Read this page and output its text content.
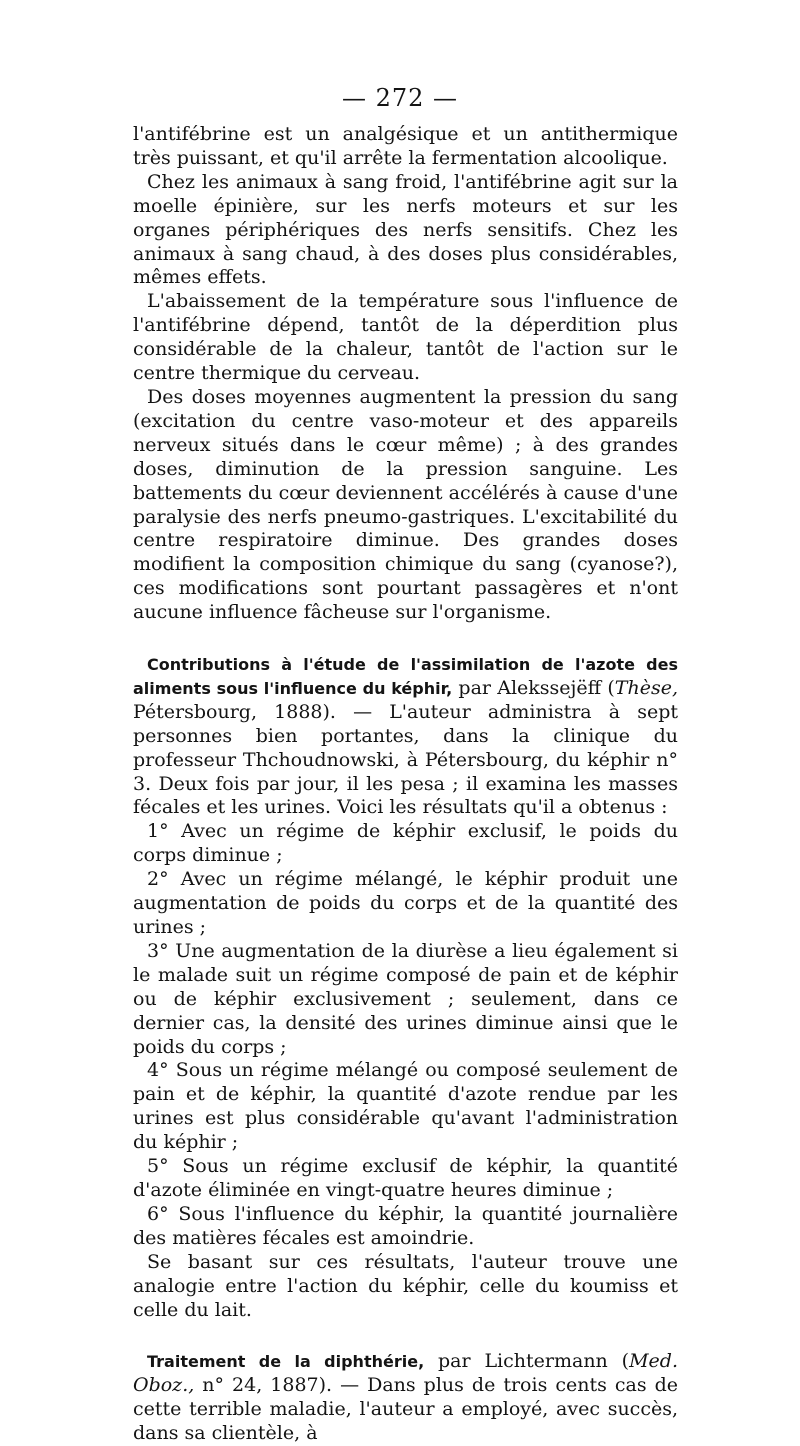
— 272 —

l'antifébrine est un analgésique et un antithermique très puissant, et qu'il arrête la fermentation alcoolique.

Chez les animaux à sang froid, l'antifébrine agit sur la moelle épinière, sur les nerfs moteurs et sur les organes périphériques des nerfs sensitifs. Chez les animaux à sang chaud, à des doses plus considérables, mêmes effets.

L'abaissement de la température sous l'influence de l'antifébrine dépend, tantôt de la déperdition plus considérable de la chaleur, tantôt de l'action sur le centre thermique du cerveau.

Des doses moyennes augmentent la pression du sang (excitation du centre vaso-moteur et des appareils nerveux situés dans le cœur même) ; à des grandes doses, diminution de la pression sanguine. Les battements du cœur deviennent accélérés à cause d'une paralysie des nerfs pneumo-gastriques. L'excitabilité du centre respiratoire diminue. Des grandes doses modifient la composition chimique du sang (cyanose?), ces modifications sont pourtant passagères et n'ont aucune influence fâcheuse sur l'organisme.

Contributions à l'étude de l'assimilation de l'azote des aliments sous l'influence du képhir, par Alekssejëff (Thèse, Pétersbourg, 1888). — L'auteur administra à sept personnes bien portantes, dans la clinique du professeur Thchoudnowski, à Pétersbourg, du képhir n° 3. Deux fois par jour, il les pesa ; il examina les masses fécales et les urines. Voici les résultats qu'il a obtenus :

1° Avec un régime de képhir exclusif, le poids du corps diminue ;

2° Avec un régime mélangé, le képhir produit une augmentation de poids du corps et de la quantité des urines ;

3° Une augmentation de la diurèse a lieu également si le malade suit un régime composé de pain et de képhir ou de képhir exclusivement ; seulement, dans ce dernier cas, la densité des urines diminue ainsi que le poids du corps ;

4° Sous un régime mélangé ou composé seulement de pain et de képhir, la quantité d'azote rendue par les urines est plus considérable qu'avant l'administration du képhir ;

5° Sous un régime exclusif de képhir, la quantité d'azote éliminée en vingt-quatre heures diminue ;

6° Sous l'influence du képhir, la quantité journalière des matières fécales est amoindrie.

Se basant sur ces résultats, l'auteur trouve une analogie entre l'action du képhir, celle du koumiss et celle du lait.

Traitement de la diphthérie, par Lichtermann (Med. Oboz., n° 24, 1887). — Dans plus de trois cents cas de cette terrible maladie, l'auteur a employé, avec succès, dans sa clientèle, à
